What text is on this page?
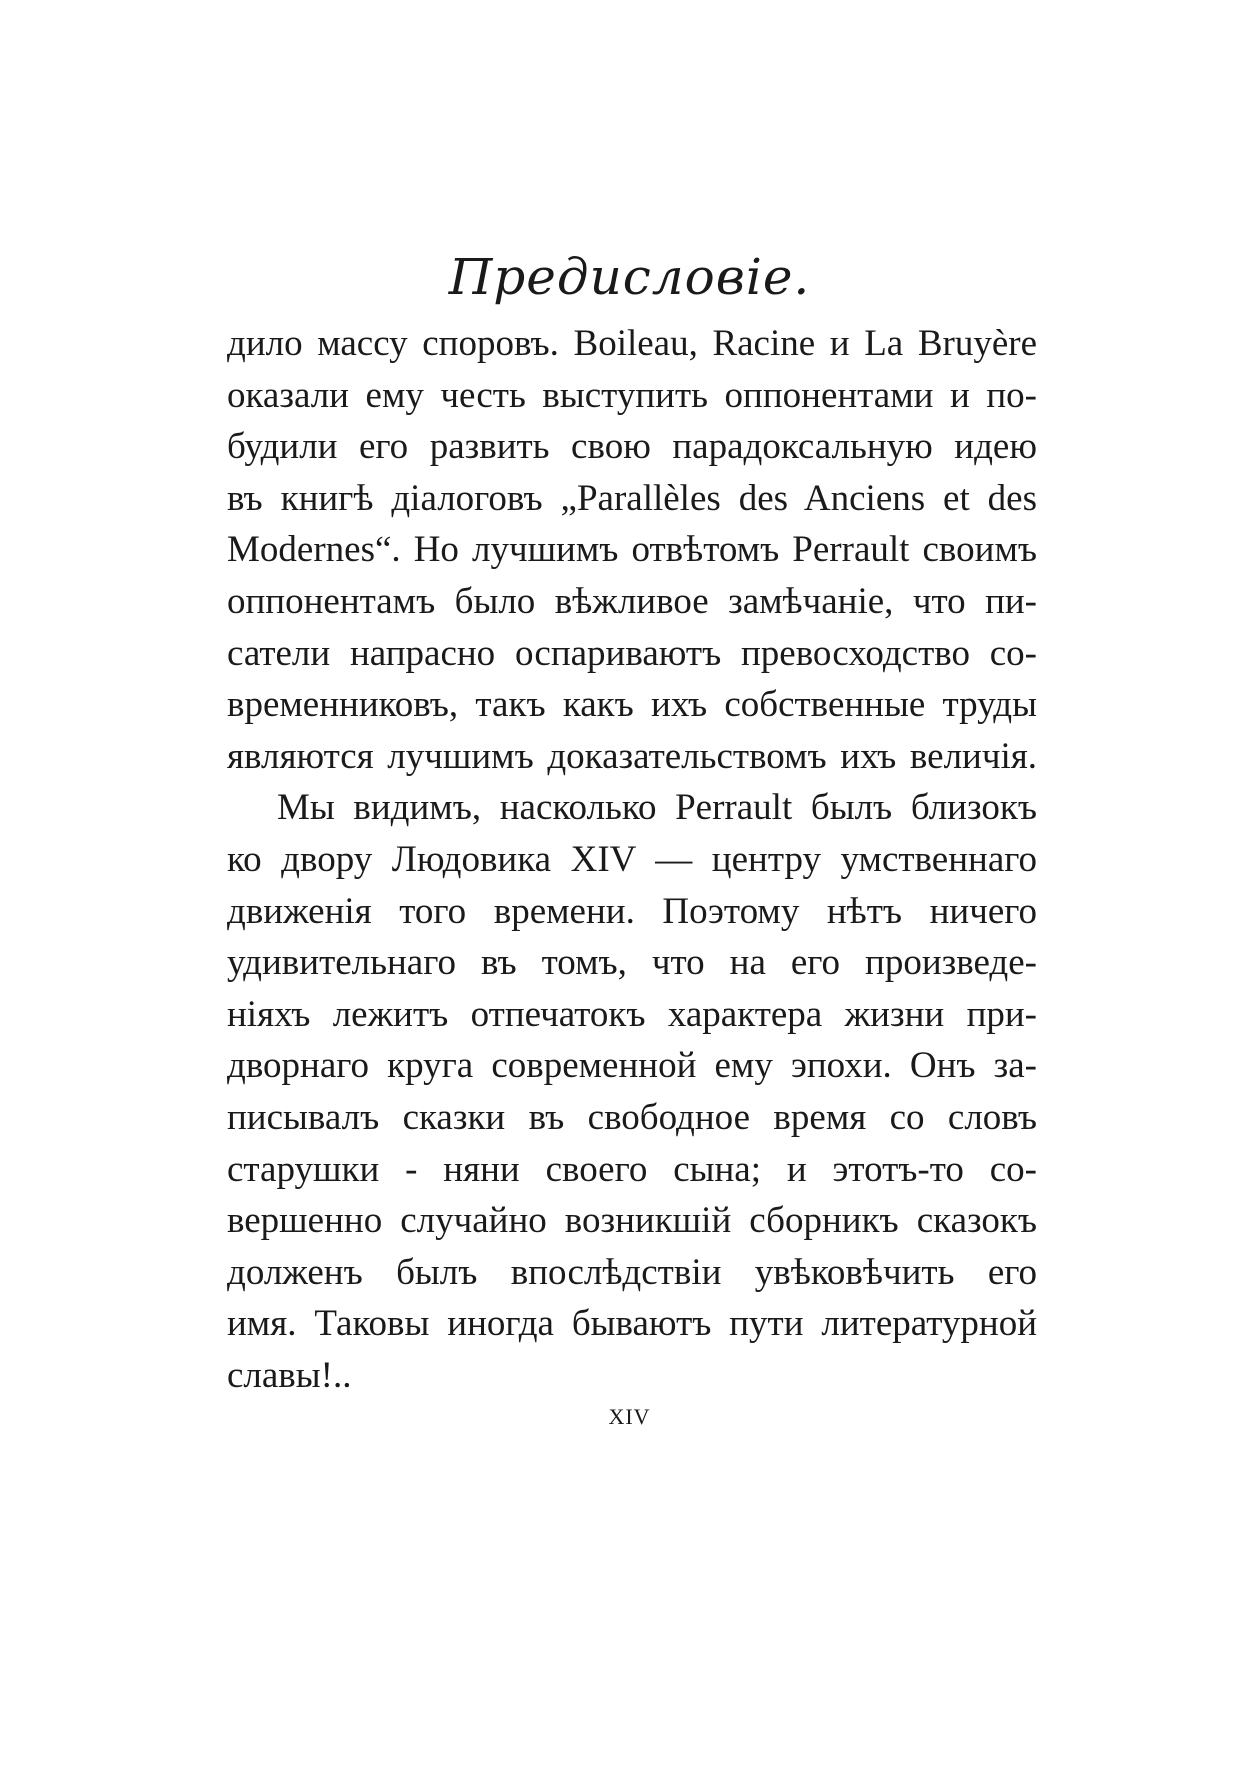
Предисловіе.
дило массу споровъ. Boileau, Racine и La Bruyère
оказали ему честь выступить оппонентами и по-
будили его развить свою парадоксальную идею
въ книгѣ діалоговъ „Parallèles des Anciens et des
Modernes“. Но лучшимъ отвѣтомъ Perrault своимъ
оппонентамъ было вѣжливое замѣчаніе, что пи-
сатели напрасно оспариваютъ превосходство со-
временниковъ, такъ какъ ихъ собственные труды
являются лучшимъ доказательствомъ ихъ величія.
Мы видимъ, насколько Perrault былъ близокъ
ко двору Людовика XIV — центру умственнаго
движенія того времени. Поэтому нѣтъ ничего
удивительнаго въ томъ, что на его произведе-
ніяхъ лежитъ отпечатокъ характера жизни при-
дворнаго круга современной ему эпохи. Онъ за-
писывалъ сказки въ свободное время со словъ
старушки - няни своего сына; и этотъ-то со-
вершенно случайно возникшій сборникъ сказокъ
долженъ былъ впослѣдствіи увѣковѣчить его
имя. Таковы иногда бываютъ пути литературной
славы!..
XIV
